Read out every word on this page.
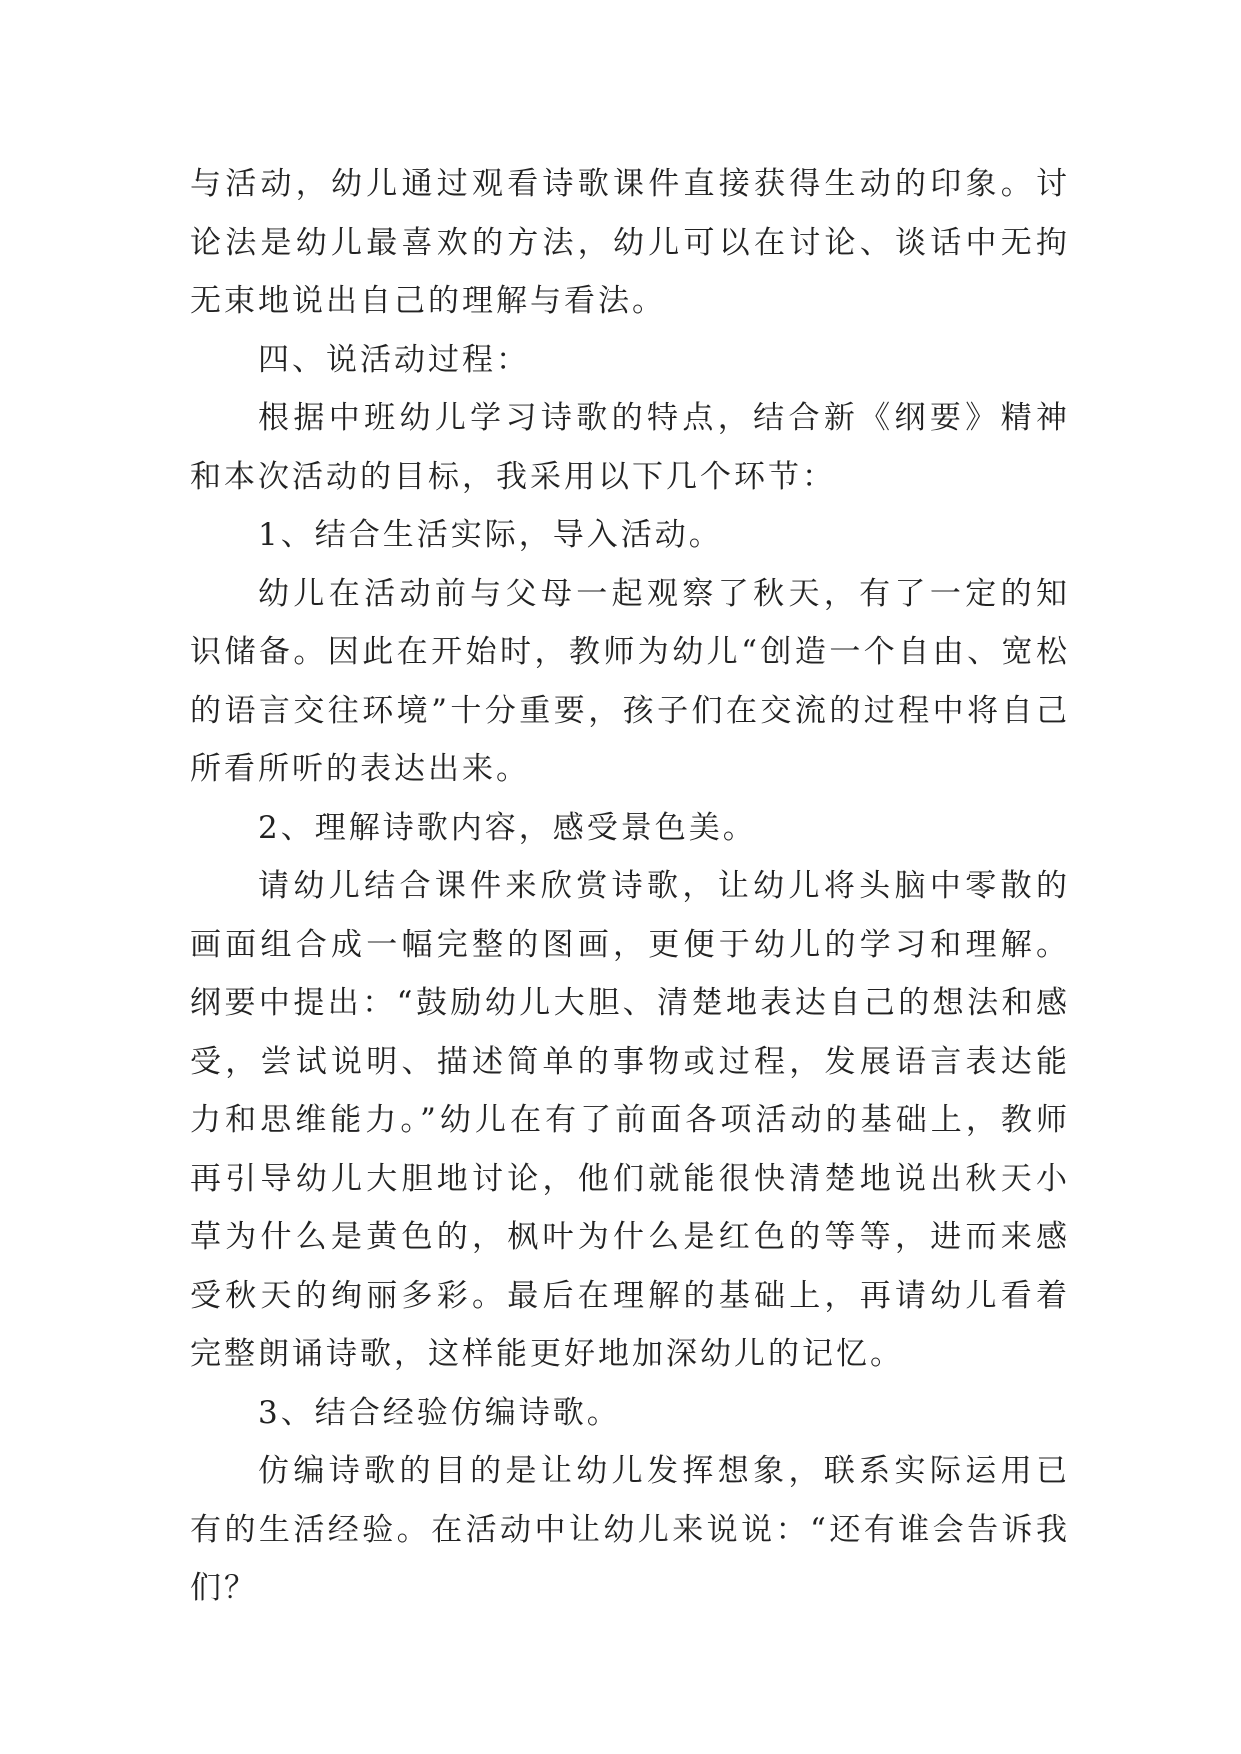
与活动，幼儿通过观看诗歌课件直接获得生动的印象。讨论法是幼儿最喜欢的方法，幼儿可以在讨论、谈话中无拘无束地说出自己的理解与看法。

四、说活动过程：

根据中班幼儿学习诗歌的特点，结合新《纲要》精神和本次活动的目标，我采用以下几个环节：

1、结合生活实际，导入活动。

幼儿在活动前与父母一起观察了秋天，有了一定的知识储备。因此在开始时，教师为幼儿“创造一个自由、宽松的语言交往环境”十分重要，孩子们在交流的过程中将自己所看所听的表达出来。

2、理解诗歌内容，感受景色美。

请幼儿结合课件来欣赏诗歌，让幼儿将头脑中零散的画面组合成一幅完整的图画，更便于幼儿的学习和理解。纲要中提出：“鼓励幼儿大胆、清楚地表达自己的想法和感受，尝试说明、描述简单的事物或过程，发展语言表达能力和思维能力。”幼儿在有了前面各项活动的基础上，教师再引导幼儿大胆地讨论，他们就能很快清楚地说出秋天小草为什么是黄色的，枫叶为什么是红色的等等，进而来感受秋天的绚丽多彩。最后在理解的基础上，再请幼儿看着完整朗诵诗歌，这样能更好地加深幼儿的记忆。

3、结合经验仿编诗歌。

仿编诗歌的目的是让幼儿发挥想象，联系实际运用已有的生活经验。在活动中让幼儿来说说：“还有谁会告诉我们？
